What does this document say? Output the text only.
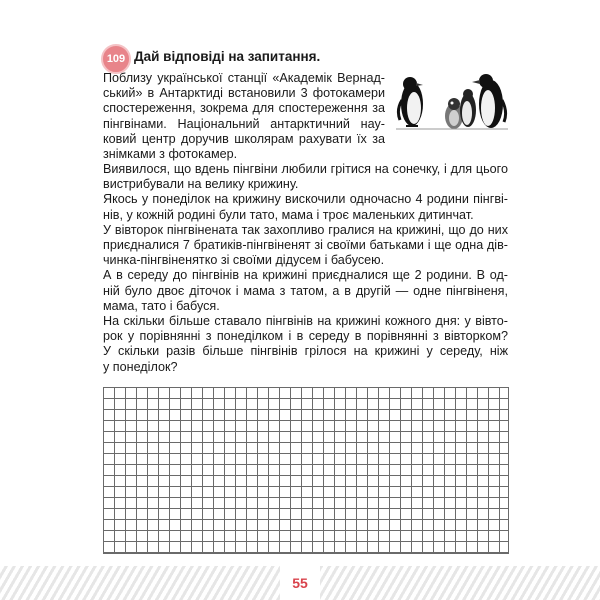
109 Дай відповіді на запитання.
Поблизу української станції «Академік Вернад-
ський» в Антарктиді встановили 3 фотокамери
спостереження, зокрема для спостереження за
пінгвінами. Національний антарктичний нау-
ковий центр доручив школярам рахувати їх за
знімками з фотокамер.
Виявилося, що вдень пінгвіни любили грітися на сонечку, і для цього
вистрибували на велику крижину.
Якось у понеділок на крижину вискочили одночасно 4 родини пінгві-
нів, у кожній родині були тато, мама і троє маленьких дитинчат.
У вівторок пінгвінената так захопливо гралися на крижині, що до них
приєдналися 7 братиків-пінгвіненят зі своїми батьками і ще одна дів-
чинка-пінгвіненятко зі своїми дідусем і бабусею.
А в середу до пінгвінів на крижині приєдналися ще 2 родини. В од-
ній було двоє діточок і мама з татом, а в другій — одне пінгвіненя,
мама, тато і бабуся.
На скільки більше ставало пінгвінів на крижині кожного дня: у вівто-
рок у порівнянні з понеділком і в середу в порівнянні з вівторком?
У скільки разів більше пінгвінів грілося на крижині у середу, ніж
у понеділок?
55
